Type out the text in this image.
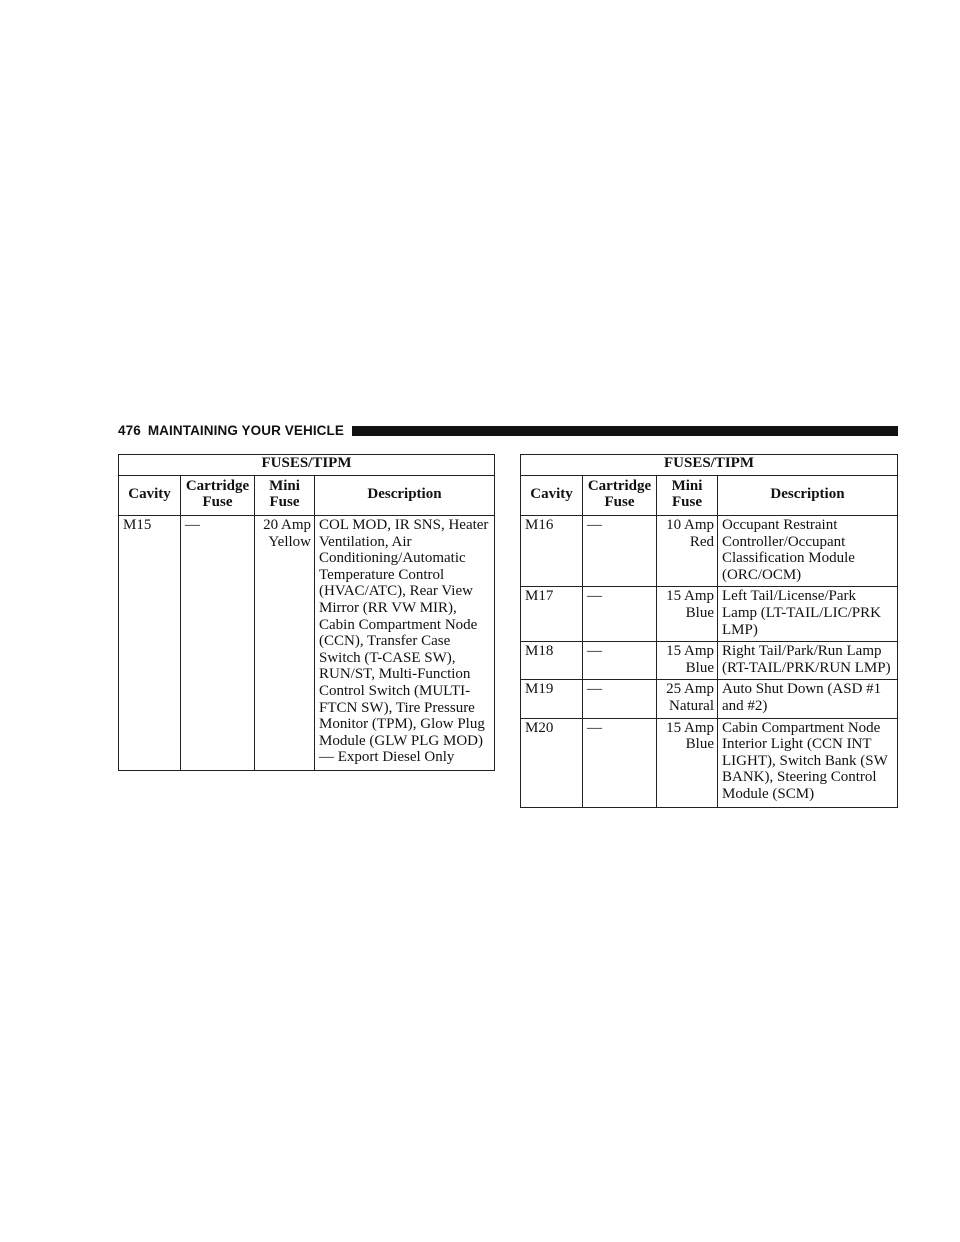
476 MAINTAINING YOUR VEHICLE
FUSES/TIPM			
Cavity	Cartridge Fuse	Mini Fuse	Description
M15	—	20 Amp Yellow	COL MOD, IR SNS, Heater Ventilation, Air Conditioning/Automatic Temperature Control (HVAC/ATC), Rear View Mirror (RR VW MIR), Cabin Compartment Node (CCN), Transfer Case Switch (T-CASE SW), RUN/ST, Multi-Function Control Switch (MULTI-FTCN SW), Tire Pressure Monitor (TPM), Glow Plug Module (GLW PLG MOD) — Export Diesel Only
FUSES/TIPM			
Cavity	Cartridge Fuse	Mini Fuse	Description
M16	—	10 Amp Red	Occupant Restraint Controller/Occupant Classification Module (ORC/OCM)
M17	—	15 Amp Blue	Left Tail/License/Park Lamp (LT-TAIL/LIC/PRK LMP)
M18	—	15 Amp Blue	Right Tail/Park/Run Lamp (RT-TAIL/PRK/RUN LMP)
M19	—	25 Amp Natural	Auto Shut Down (ASD #1 and #2)
M20	—	15 Amp Blue	Cabin Compartment Node Interior Light (CCN INT LIGHT), Switch Bank (SW BANK), Steering Control Module (SCM)
